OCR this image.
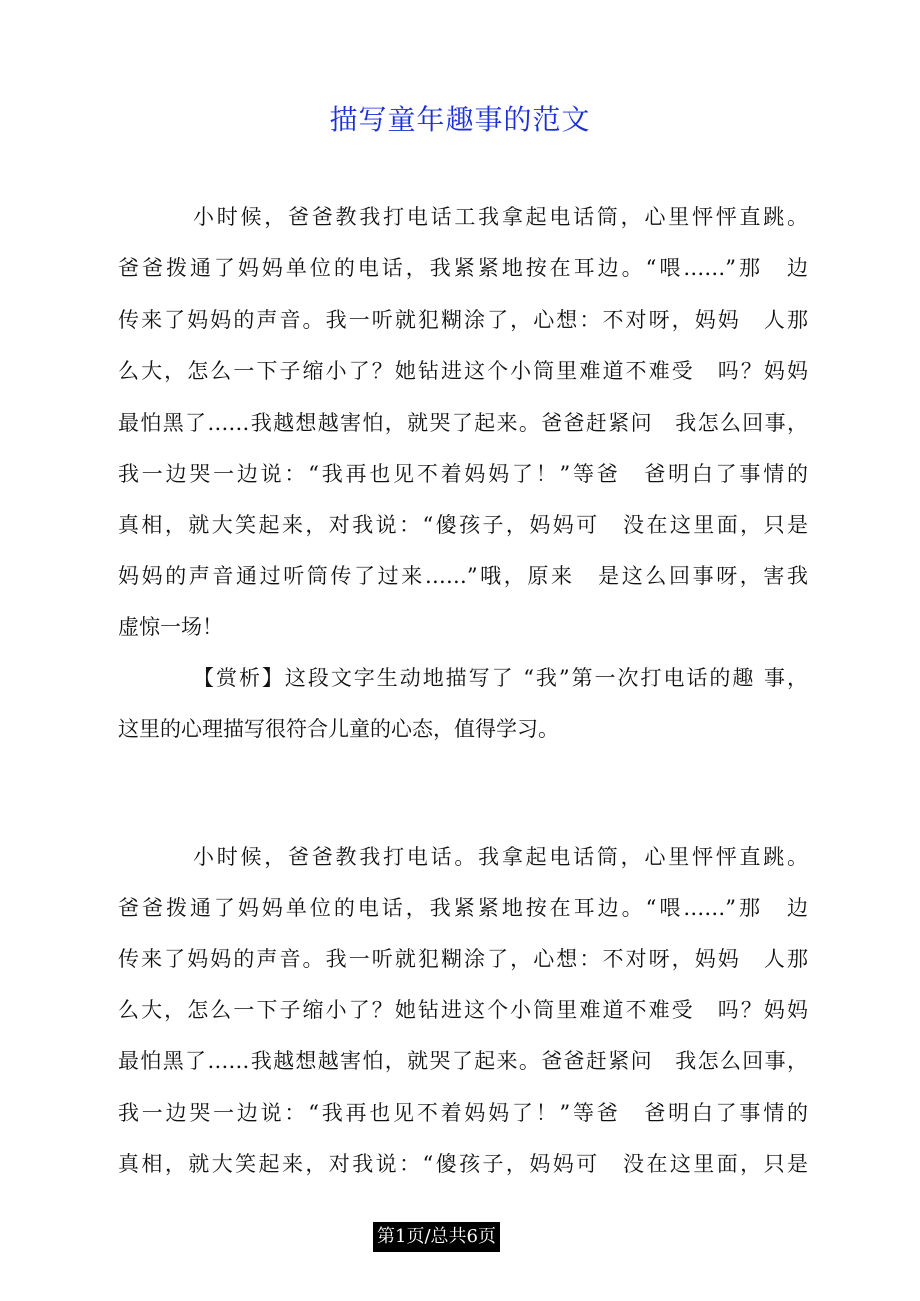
描写童年趣事的范文
小时候，爸爸教我打电话工我拿起电话筒，心里怦怦直跳。
爸爸拨通了妈妈单位的电话，我紧紧地按在耳边。“喂……”那　边
传来了妈妈的声音。我一听就犯糊涂了，心想：不对呀，妈妈　人那
么大，怎么一下子缩小了？她钻进这个小筒里难道不难受　吗？妈妈
最怕黑了……我越想越害怕，就哭了起来。爸爸赶紧问　我怎么回事，
我一边哭一边说：“我再也见不着妈妈了！”等爸　爸明白了事情的
真相，就大笑起来，对我说：“傻孩子，妈妈可　没在这里面，只是
妈妈的声音通过听筒传了过来……”哦，原来　是这么回事呀，害我
虚惊一场！
【赏析】这段文字生动地描写了 “我”第一次打电话的趣 事，
这里的心理描写很符合儿童的心态，值得学习。
小时候，爸爸教我打电话。我拿起电话筒，心里怦怦直跳。
爸爸拨通了妈妈单位的电话，我紧紧地按在耳边。“喂……”那　边
传来了妈妈的声音。我一听就犯糊涂了，心想：不对呀，妈妈　人那
么大，怎么一下子缩小了？她钻进这个小筒里难道不难受　吗？妈妈
最怕黑了……我越想越害怕，就哭了起来。爸爸赶紧问　我怎么回事，
我一边哭一边说：“我再也见不着妈妈了！”等爸　爸明白了事情的
真相，就大笑起来，对我说：“傻孩子，妈妈可　没在这里面，只是
第1页/总共6页
